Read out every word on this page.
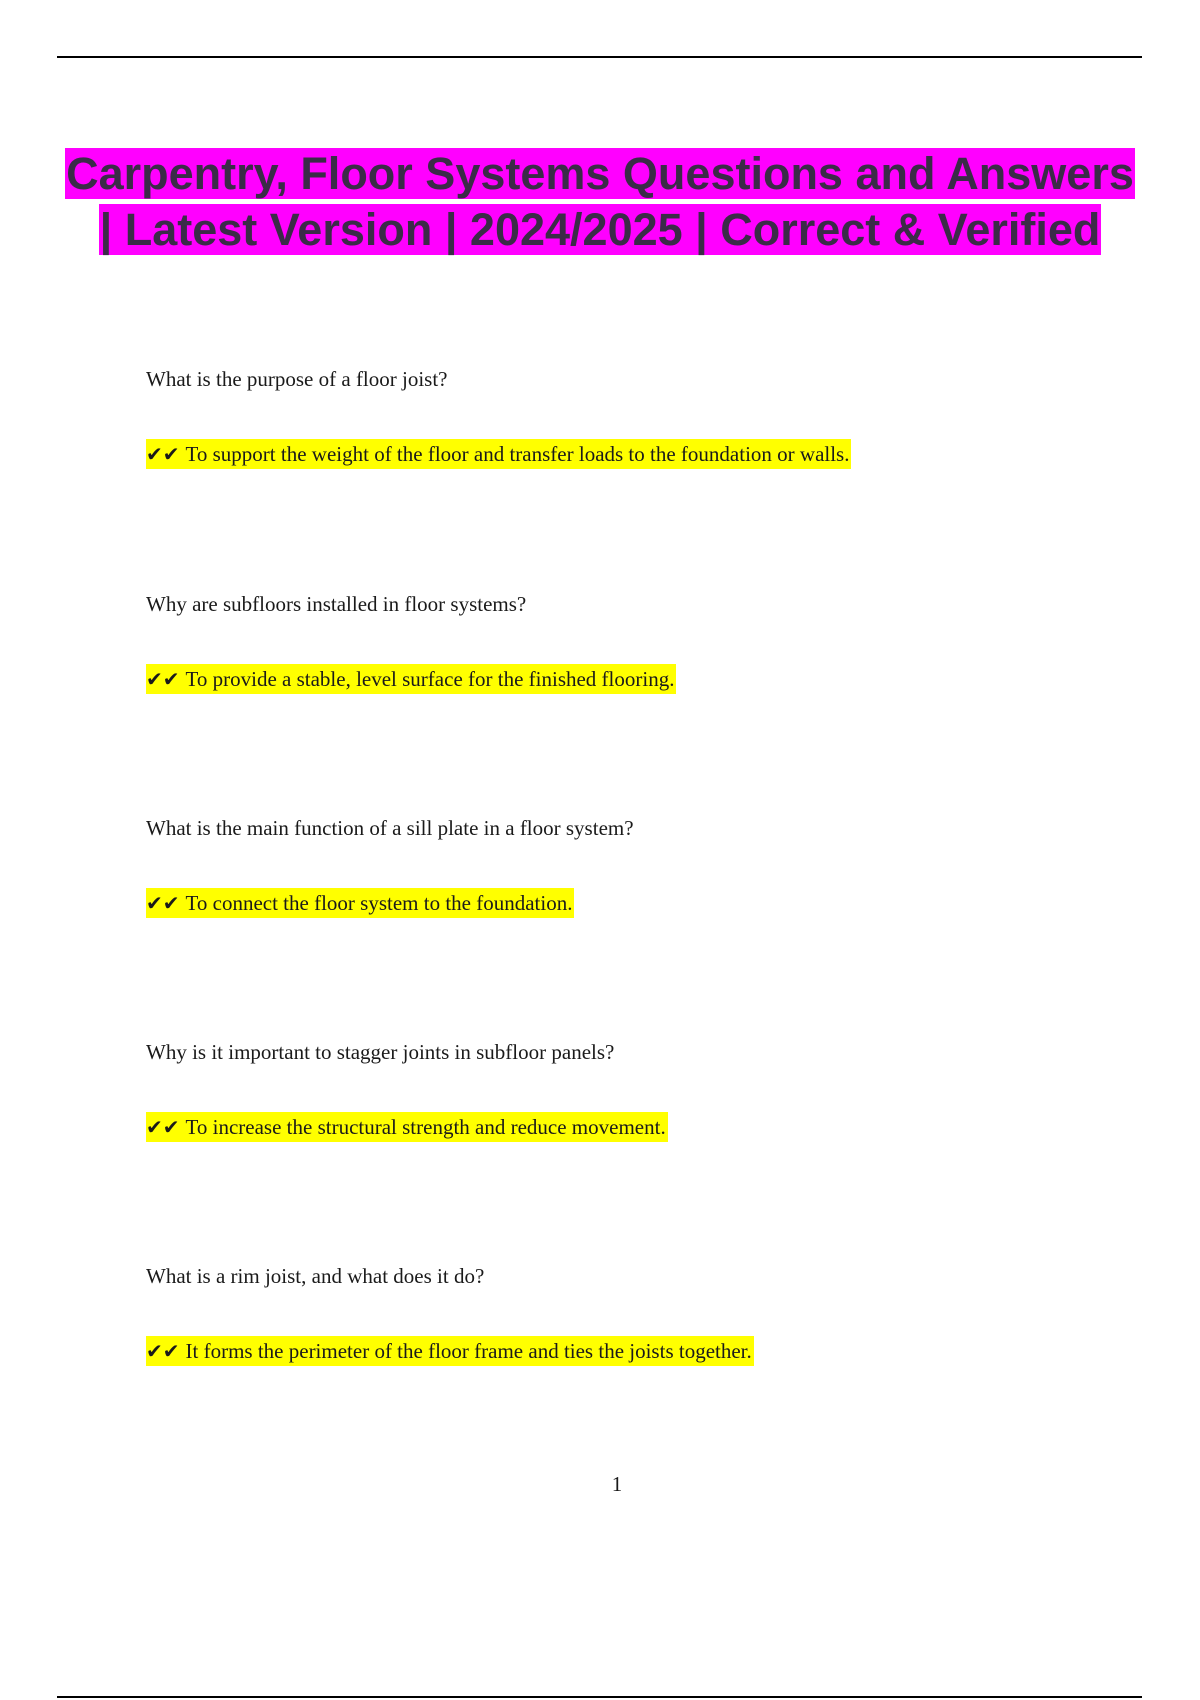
Carpentry, Floor Systems Questions and Answers | Latest Version | 2024/2025 | Correct & Verified
What is the purpose of a floor joist?
✔✔ To support the weight of the floor and transfer loads to the foundation or walls.
Why are subfloors installed in floor systems?
✔✔ To provide a stable, level surface for the finished flooring.
What is the main function of a sill plate in a floor system?
✔✔ To connect the floor system to the foundation.
Why is it important to stagger joints in subfloor panels?
✔✔ To increase the structural strength and reduce movement.
What is a rim joist, and what does it do?
✔✔ It forms the perimeter of the floor frame and ties the joists together.
1
